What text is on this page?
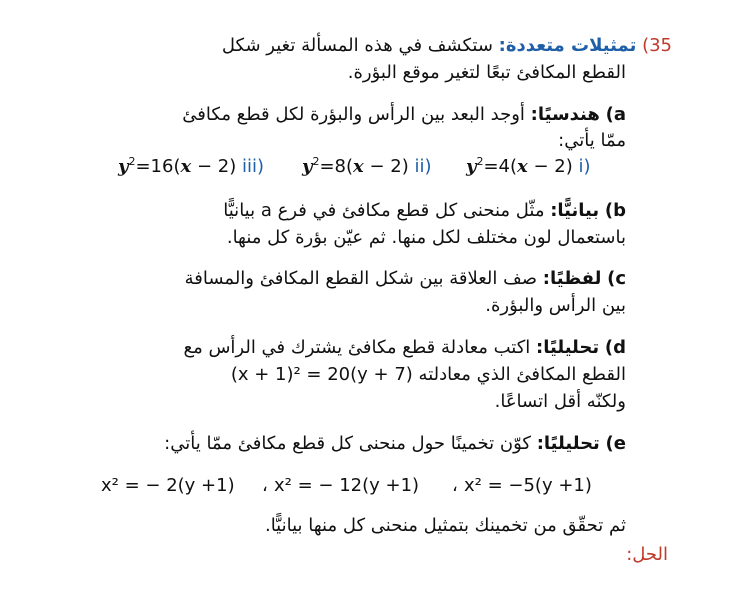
35) تمثيلات متعددة: ستكشف في هذه المسألة تغير شكل
القطع المكافئ تبعًا لتغير موقع البؤرة.
a) هندسيًا: أوجد البعد بين الرأس والبؤرة لكل قطع مكافئ
ممّا يأتي:
$y^2=16(x - 2)$ iii) $y^2=8(x - 2)$ ii) $y^2=4(x - 2)$ i)
b) بيانيًّا: مثّل منحنى كل قطع مكافئ في فرع a بيانيًّا
باستعمال لون مختلف لكل منها. ثم عيّن بؤرة كل منها.
c) لفظيًا: صف العلاقة بين شكل القطع المكافئ والمسافة
بين الرأس والبؤرة.
d) تحليليًا: اكتب معادلة قطع مكافئ يشترك في الرأس مع
القطع المكافئ الذي معادلته (x + 1)² = 20(y + 7)
ولكنّه أقل اتساعًا.
e) تحليليًا: كوّن تخمينًا حول منحنى كل قطع مكافئ ممّا يأتي:
x² = − 2(y +1) ، x² = − 12(y +1) ، x² = −5(y +1)
ثم تحقّق من تخمينك بتمثيل منحنى كل منها بيانيًّا.
الحل:
